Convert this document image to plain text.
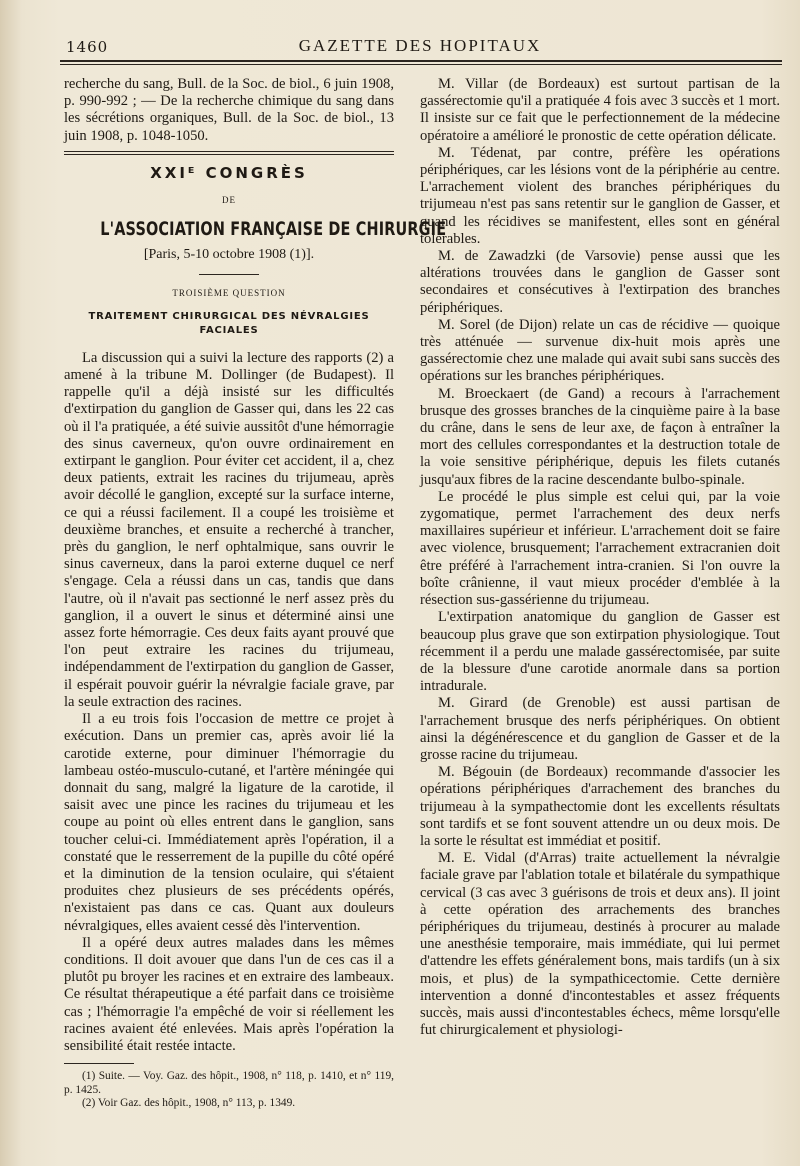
1460	GAZETTE DES HOPITAUX

recherche du sang, Bull. de la Soc. de biol., 6 juin 1908, p. 990-992 ; — De la recherche chimique du sang dans les sécrétions organiques, Bull. de la Soc. de biol., 13 juin 1908, p. 1048-1050.

XXIᴱ CONGRÈS
DE
L'ASSOCIATION FRANÇAISE DE CHIRURGIE
[Paris, 5-10 octobre 1908 (1)].
TROISIÈME QUESTION
TRAITEMENT CHIRURGICAL DES NÉVRALGIES
FACIALES

La discussion qui a suivi la lecture des rapports (2) a amené à la tribune M. Dollinger (de Budapest). Il rappelle qu'il a déjà insisté sur les difficultés d'extirpation du ganglion de Gasser qui, dans les 22 cas où il l'a pratiquée, a été suivie aussitôt d'une hémorragie des sinus caverneux, qu'on ouvre ordinairement en extirpant le ganglion. Pour éviter cet accident, il a, chez deux patients, extrait les racines du trijumeau, après avoir décollé le ganglion, excepté sur la surface interne, ce qui a réussi facilement. Il a coupé les troisième et deuxième branches, et ensuite a recherché à trancher, près du ganglion, le nerf ophtalmique, sans ouvrir le sinus caverneux, dans la paroi externe duquel ce nerf s'engage. Cela a réussi dans un cas, tandis que dans l'autre, où il n'avait pas sectionné le nerf assez près du ganglion, il a ouvert le sinus et déterminé ainsi une assez forte hémorragie. Ces deux faits ayant prouvé que l'on peut extraire les racines du trijumeau, indépendamment de l'extirpation du ganglion de Gasser, il espérait pouvoir guérir la névralgie faciale grave, par la seule extraction des racines.

Il a eu trois fois l'occasion de mettre ce projet à exécution. Dans un premier cas, après avoir lié la carotide externe, pour diminuer l'hémorragie du lambeau ostéo-musculo-cutané, et l'artère méningée qui donnait du sang, malgré la ligature de la carotide, il saisit avec une pince les racines du trijumeau et les coupe au point où elles entrent dans le ganglion, sans toucher celui-ci. Immédiatement après l'opération, il a constaté que le resserrement de la pupille du côté opéré et la diminution de la tension oculaire, qui s'étaient produites chez plusieurs de ses précédents opérés, n'existaient pas dans ce cas. Quant aux douleurs névralgiques, elles avaient cessé dès l'intervention.

Il a opéré deux autres malades dans les mêmes conditions. Il doit avouer que dans l'un de ces cas il a plutôt pu broyer les racines et en extraire des lambeaux. Ce résultat thérapeutique a été parfait dans ce troisième cas ; l'hémorragie l'a empêché de voir si réellement les racines avaient été enlevées. Mais après l'opération la sensibilité était restée intacte.

(1) Suite. — Voy. Gaz. des hôpit., 1908, n° 118, p. 1410, et n° 119, p. 1425.

(2) Voir Gaz. des hôpit., 1908, n° 113, p. 1349.

M. Villar (de Bordeaux) est surtout partisan de la gassérectomie qu'il a pratiquée 4 fois avec 3 succès et 1 mort. Il insiste sur ce fait que le perfectionnement de la médecine opératoire a amélioré le pronostic de cette opération délicate.

M. Tédenat, par contre, préfère les opérations périphériques, car les lésions vont de la périphérie au centre. L'arrachement violent des branches périphériques du trijumeau n'est pas sans retentir sur le ganglion de Gasser, et quand les récidives se manifestent, elles sont en général tolérables.

M. de Zawadzki (de Varsovie) pense aussi que les altérations trouvées dans le ganglion de Gasser sont secondaires et consécutives à l'extirpation des branches périphériques.

M. Sorel (de Dijon) relate un cas de récidive — quoique très atténuée — survenue dix-huit mois après une gassérectomie chez une malade qui avait subi sans succès des opérations sur les branches périphériques.

M. Broeckaert (de Gand) a recours à l'arrachement brusque des grosses branches de la cinquième paire à la base du crâne, dans le sens de leur axe, de façon à entraîner la mort des cellules correspondantes et la destruction totale de la voie sensitive périphérique, depuis les filets cutanés jusqu'aux fibres de la racine descendante bulbo-spinale.

Le procédé le plus simple est celui qui, par la voie zygomatique, permet l'arrachement des deux nerfs maxillaires supérieur et inférieur. L'arrachement doit se faire avec violence, brusquement; l'arrachement extracranien doit être préféré à l'arrachement intra-cranien. Si l'on ouvre la boîte crânienne, il vaut mieux procéder d'emblée à la résection sus-gassérienne du trijumeau.

L'extirpation anatomique du ganglion de Gasser est beaucoup plus grave que son extirpation physiologique. Tout récemment il a perdu une malade gassérectomisée, par suite de la blessure d'une carotide anormale dans sa portion intradurale.

M. Girard (de Grenoble) est aussi partisan de l'arrachement brusque des nerfs périphériques. On obtient ainsi la dégénérescence et du ganglion de Gasser et de la grosse racine du trijumeau.

M. Bégouin (de Bordeaux) recommande d'associer les opérations périphériques d'arrachement des branches du trijumeau à la sympathectomie dont les excellents résultats sont tardifs et se font souvent attendre un ou deux mois. De la sorte le résultat est immédiat et positif.

M. E. Vidal (d'Arras) traite actuellement la névralgie faciale grave par l'ablation totale et bilatérale du sympathique cervical (3 cas avec 3 guérisons de trois et deux ans). Il joint à cette opération des arrachements des branches périphériques du trijumeau, destinés à procurer au malade une anesthésie temporaire, mais immédiate, qui lui permet d'attendre les effets généralement bons, mais tardifs (un à six mois, et plus) de la sympathicectomie. Cette dernière intervention a donné d'incontestables et assez fréquents succès, mais aussi d'incontestables échecs, même lorsqu'elle fut chirurgicalement et physiologi-
